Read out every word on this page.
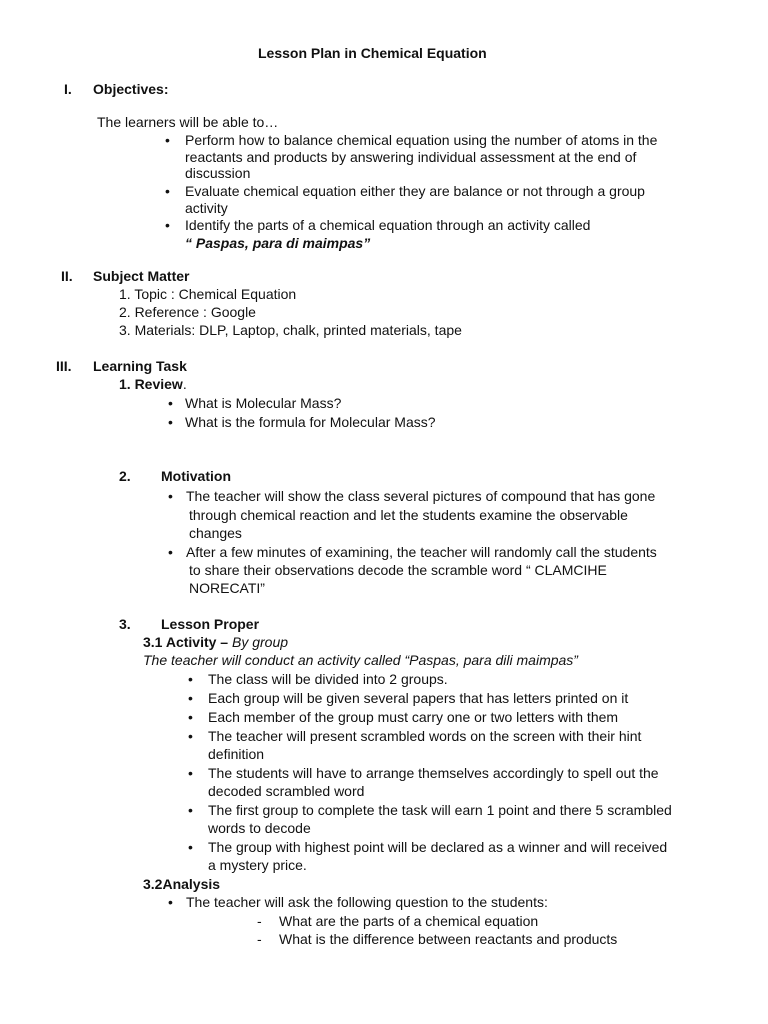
Lesson Plan in Chemical Equation
I. Objectives:
The learners will be able to…
• Perform how to balance chemical equation using the number of atoms in the
reactants and products by answering individual assessment at the end of
discussion
• Evaluate chemical equation either they are balance or not through a group
activity
• Identify the parts of a chemical equation through an activity called
“ Paspas, para di maimpas”
II. Subject Matter
1. Topic : Chemical Equation
2. Reference : Google
3. Materials: DLP, Laptop, chalk, printed materials, tape
III. Learning Task
1. Review.
• What is Molecular Mass?
• What is the formula for Molecular Mass?
2. Motivation
• The teacher will show the class several pictures of compound that has gone
through chemical reaction and let the students examine the observable
changes
• After a few minutes of examining, the teacher will randomly call the students
to share their observations decode the scramble word “ CLAMCIHE
NORECATI”
3. Lesson Proper
3.1 Activity – By group
The teacher will conduct an activity called “Paspas, para dili maimpas”
• The class will be divided into 2 groups.
• Each group will be given several papers that has letters printed on it
• Each member of the group must carry one or two letters with them
• The teacher will present scrambled words on the screen with their hint
definition
• The students will have to arrange themselves accordingly to spell out the
decoded scrambled word
• The first group to complete the task will earn 1 point and there 5 scrambled
words to decode
• The group with highest point will be declared as a winner and will received
a mystery price.
3.2Analysis
• The teacher will ask the following question to the students:
- What are the parts of a chemical equation
- What is the difference between reactants and products
